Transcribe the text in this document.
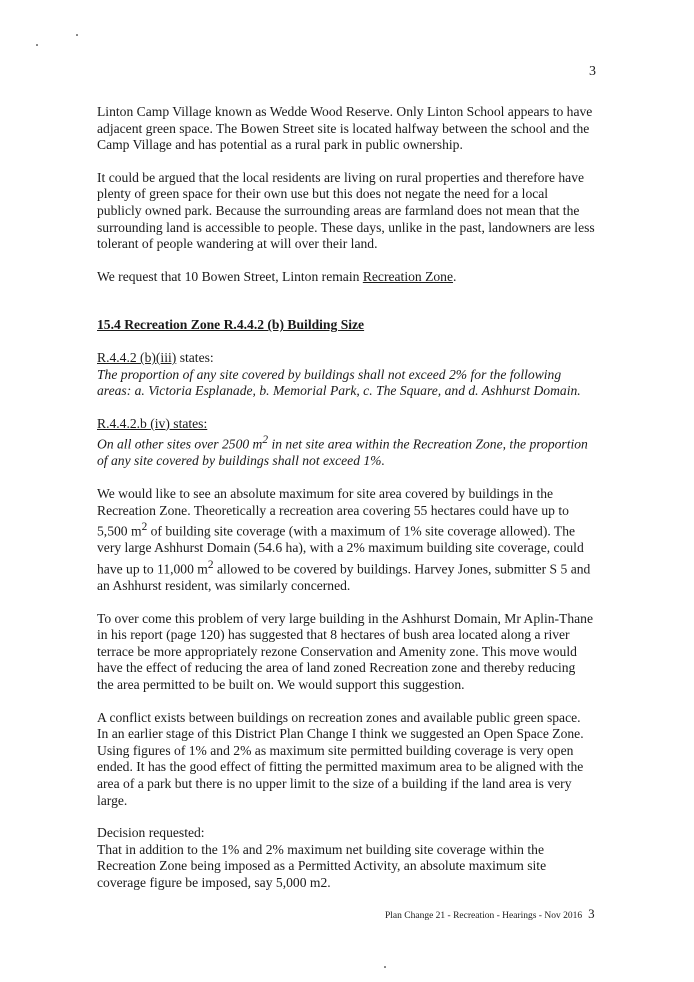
3

Linton Camp Village known as Wedde Wood Reserve. Only Linton School appears to have adjacent green space. The Bowen Street site is located halfway between the school and the Camp Village and has potential as a rural park in public ownership.

It could be argued that the local residents are living on rural properties and therefore have plenty of green space for their own use but this does not negate the need for a local publicly owned park. Because the surrounding areas are farmland does not mean that the surrounding land is accessible to people. These days, unlike in the past, landowners are less tolerant of people wandering at will over their land.

We request that 10 Bowen Street, Linton remain Recreation Zone.

15.4 Recreation Zone R.4.4.2 (b) Building Size

R.4.4.2 (b)(iii) states:

The proportion of any site covered by buildings shall not exceed 2% for the following areas: a. Victoria Esplanade, b. Memorial Park, c. The Square, and d. Ashhurst Domain.

R.4.4.2.b (iv) states:

On all other sites over 2500 $m^2$ in net site area within the Recreation Zone, the proportion of any site covered by buildings shall not exceed 1%.

We would like to see an absolute maximum for site area covered by buildings in the Recreation Zone. Theoretically a recreation area covering 55 hectares could have up to 5,500 $m^2$ of building site coverage (with a maximum of 1% site coverage allowed). The very large Ashhurst Domain (54.6 ha), with a 2% maximum building site coverage, could have up to 11,000 $m^2$ allowed to be covered by buildings. Harvey Jones, submitter S 5 and an Ashhurst resident, was similarly concerned.

To over come this problem of very large building in the Ashhurst Domain, Mr Aplin-Thane in his report (page 120) has suggested that 8 hectares of bush area located along a river terrace be more appropriately rezone Conservation and Amenity zone. This move would have the effect of reducing the area of land zoned Recreation zone and thereby reducing the area permitted to be built on. We would support this suggestion.

A conflict exists between buildings on recreation zones and available public green space. In an earlier stage of this District Plan Change I think we suggested an Open Space Zone. Using figures of 1% and 2% as maximum site permitted building coverage is very open ended. It has the good effect of fitting the permitted maximum area to be aligned with the area of a park but there is no upper limit to the size of a building if the land area is very large.

Decision requested:

That in addition to the 1% and 2% maximum net building site coverage within the Recreation Zone being imposed as a Permitted Activity, an absolute maximum site coverage figure be imposed, say 5,000 m2.

Plan Change 21 - Recreation - Hearings - Nov 2016 3
